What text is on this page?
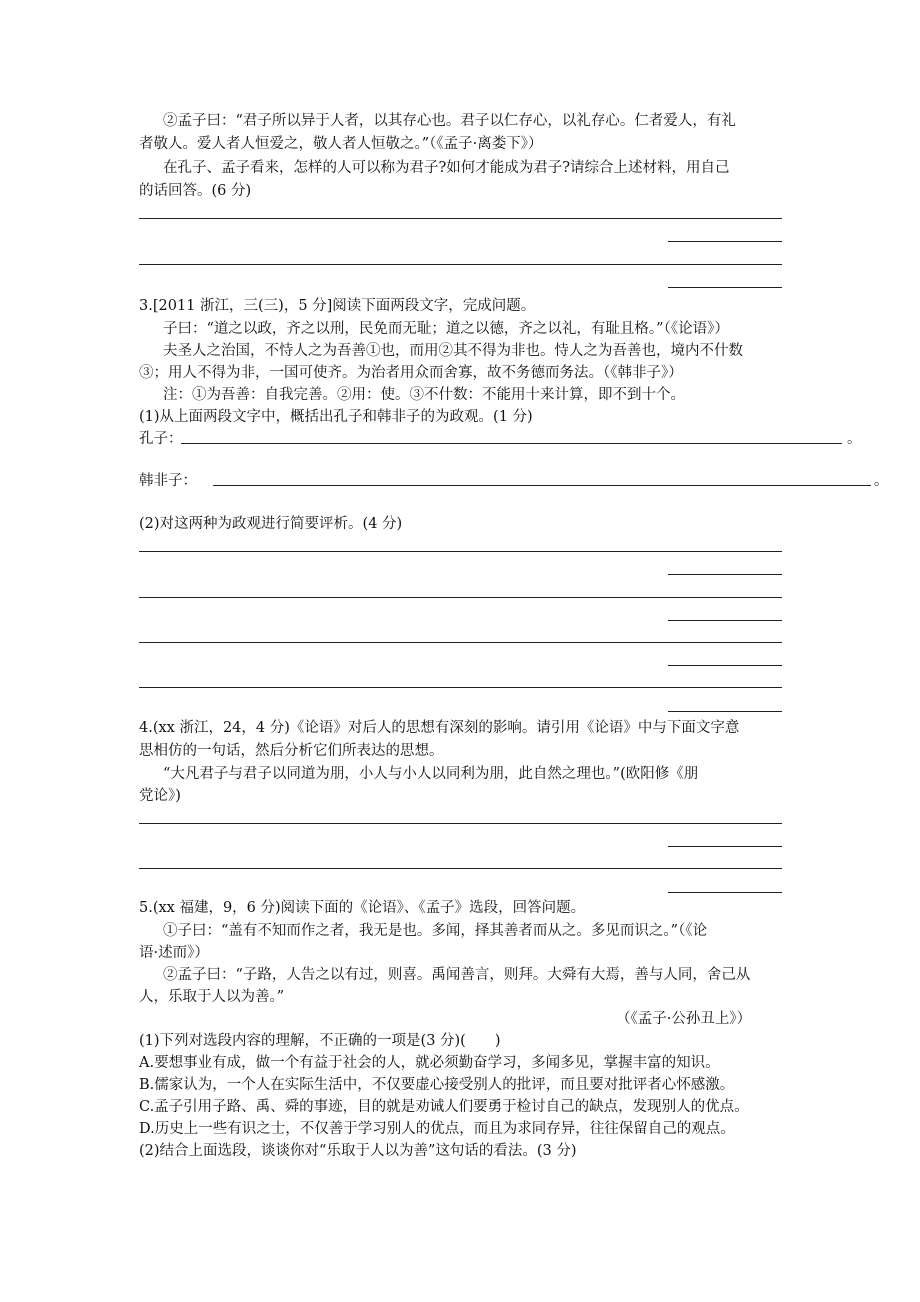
②孟子曰：“君子所以异于人者，以其存心也。君子以仁存心，以礼存心。仁者爱人，有礼
者敬人。爱人者人恒爱之，敬人者人恒敬之。”（《孟子·离娄下》）
在孔子、孟子看来，怎样的人可以称为君子?如何才能成为君子?请综合上述材料，用自己
的话回答。(6 分)
3.[2011 浙江，三(三)，5 分]阅读下面两段文字，完成问题。
子曰：“道之以政，齐之以刑，民免而无耻；道之以德，齐之以礼，有耻且格。”（《论语》）
夫圣人之治国，不恃人之为吾善①也，而用②其不得为非也。恃人之为吾善也，境内不什数
③；用人不得为非，一国可使齐。为治者用众而舍寡，故不务德而务法。（《韩非子》）
注：①为吾善：自我完善。②用：使。③不什数：不能用十来计算，即不到十个。
(1)从上面两段文字中，概括出孔子和韩非子的为政观。(1 分)
孔子：	。
韩非子：	。
(2)对这两种为政观进行简要评析。(4 分)
4.(xx 浙江，24，4 分)《论语》对后人的思想有深刻的影响。请引用《论语》中与下面文字意
思相仿的一句话，然后分析它们所表达的思想。
“大凡君子与君子以同道为朋，小人与小人以同利为朋，此自然之理也。”(欧阳修《朋
党论》)
5.(xx 福建，9，6 分)阅读下面的《论语》、《孟子》选段，回答问题。
①子曰：“盖有不知而作之者，我无是也。多闻，择其善者而从之。多见而识之。”（《论
语·述而》）
②孟子曰：“子路，人告之以有过，则喜。禹闻善言，则拜。大舜有大焉，善与人同，舍己从
人，乐取于人以为善。”
（《孟子·公孙丑上》）
(1)下列对选段内容的理解，不正确的一项是(3 分)(　　)
A.要想事业有成，做一个有益于社会的人，就必须勤奋学习，多闻多见，掌握丰富的知识。
B.儒家认为，一个人在实际生活中，不仅要虚心接受别人的批评，而且要对批评者心怀感激。
C.孟子引用子路、禹、舜的事迹，目的就是劝诫人们要勇于检讨自己的缺点，发现别人的优点。
D.历史上一些有识之士，不仅善于学习别人的优点，而且为求同存异，往往保留自己的观点。
(2)结合上面选段，谈谈你对“乐取于人以为善”这句话的看法。(3 分)
